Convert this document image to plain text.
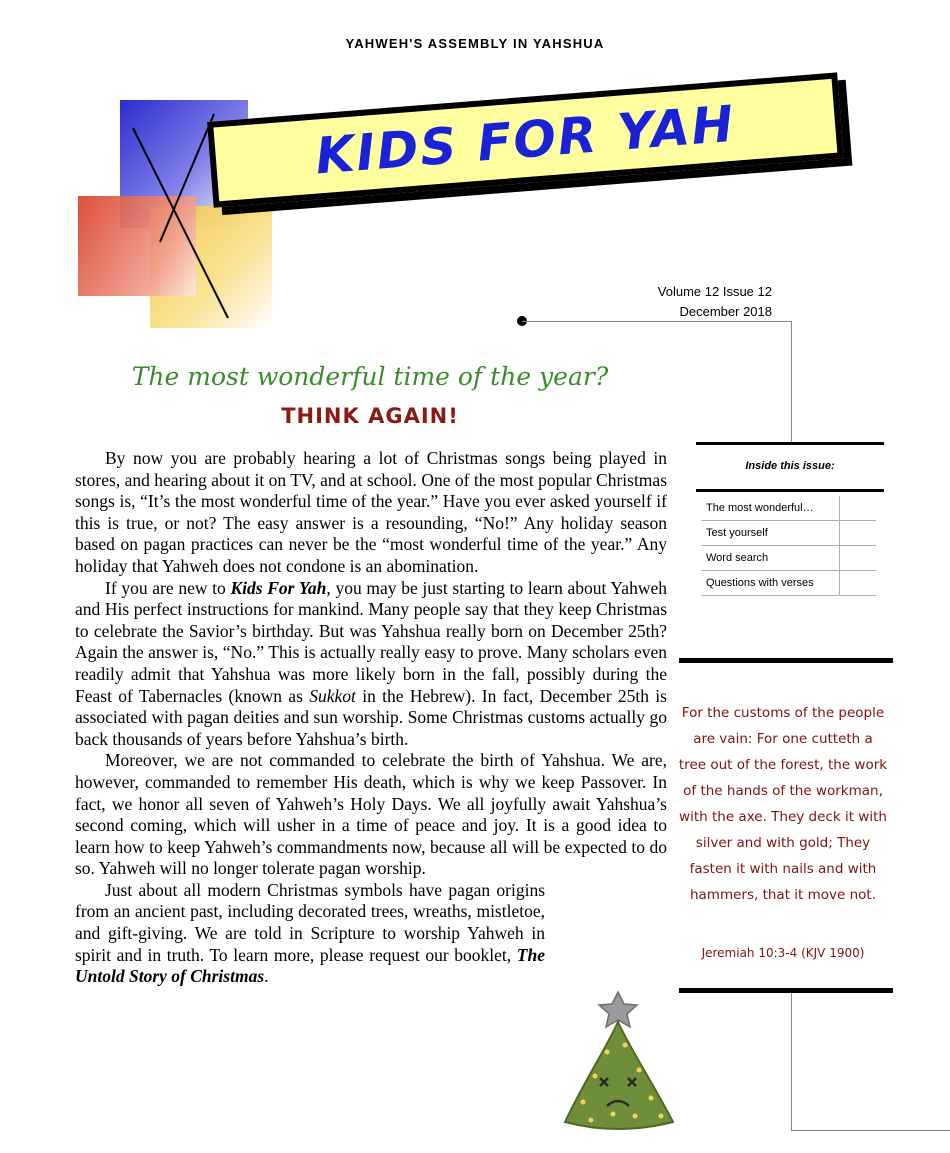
YAHWEH'S ASSEMBLY IN YAHSHUA
KIDS FOR YAH
Volume 12 Issue 12
December 2018
The most wonderful time of the year?
THINK AGAIN!

By now you are probably hearing a lot of Christmas songs being played in stores, and hearing about it on TV, and at school. One of the most popular Christmas songs is, “It’s the most wonderful time of the year.” Have you ever asked yourself if this is true, or not? The easy answer is a resounding, “No!” Any holiday season based on pagan practices can never be the “most wonderful time of the year.” Any holiday that Yahweh does not condone is an abomination.

If you are new to Kids For Yah, you may be just starting to learn about Yahweh and His perfect instructions for mankind. Many people say that they keep Christmas to celebrate the Savior’s birthday. But was Yahshua really born on December 25th? Again the answer is, “No.” This is actually really easy to prove. Many scholars even readily admit that Yahshua was more likely born in the fall, possibly during the Feast of Tabernacles (known as Sukkot in the Hebrew). In fact, December 25th is associated with pagan deities and sun worship. Some Christmas customs actually go back thousands of years before Yahshua’s birth.

Moreover, we are not commanded to celebrate the birth of Yahshua. We are, however, commanded to remember His death, which is why we keep Passover. In fact, we honor all seven of Yahweh’s Holy Days. We all joyfully await Yahshua’s second coming, which will usher in a time of peace and joy. It is a good idea to learn how to keep Yahweh’s commandments now, because all will be expected to do so. Yahweh will no longer tolerate pagan worship.

Just about all modern Christmas symbols have pagan origins from an ancient past, including decorated trees, wreaths, mistletoe, and gift-giving. We are told in Scripture to worship Yahweh in spirit and in truth. To learn more, please request our booklet, The Untold Story of Christmas.

Inside this issue:
The most wonderful…
Test yourself
Word search
Questions with verses
For the customs of the people are vain: For one cutteth a tree out of the forest, the work of the hands of the workman, with the axe. They deck it with silver and with gold; They fasten it with nails and with hammers, that it move not.
Jeremiah 10:3-4 (KJV 1900)
